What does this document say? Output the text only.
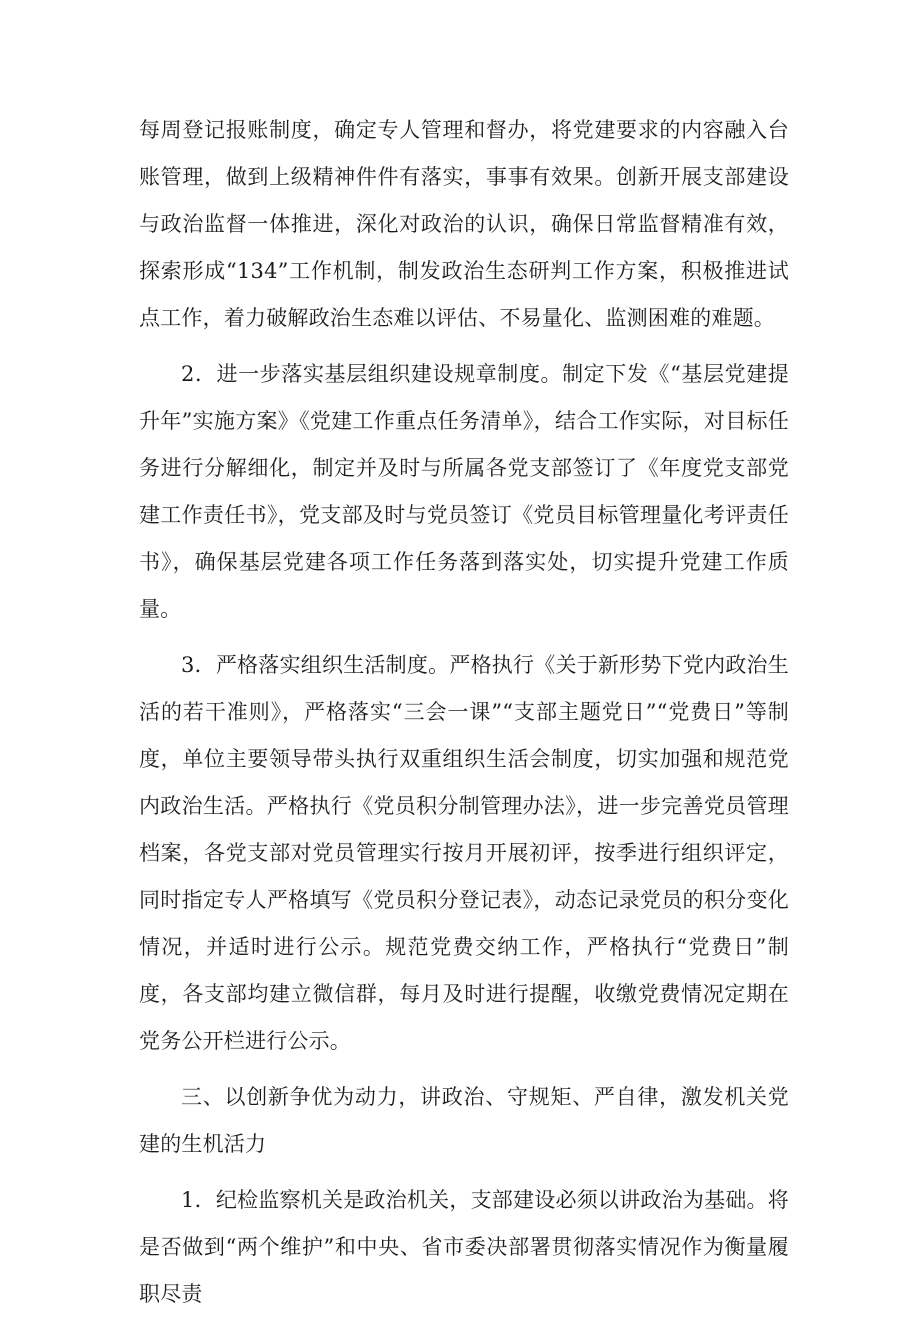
每周登记报账制度，确定专人管理和督办，将党建要求的内容融入台账管理，做到上级精神件件有落实，事事有效果。创新开展支部建设与政治监督一体推进，深化对政治的认识，确保日常监督精准有效，探索形成“134”工作机制，制发政治生态研判工作方案，积极推进试点工作，着力破解政治生态难以评估、不易量化、监测困难的难题。

2．进一步落实基层组织建设规章制度。制定下发《“基层党建提升年”实施方案》《党建工作重点任务清单》，结合工作实际，对目标任务进行分解细化，制定并及时与所属各党支部签订了《年度党支部党建工作责任书》，党支部及时与党员签订《党员目标管理量化考评责任书》，确保基层党建各项工作任务落到落实处，切实提升党建工作质量。

3．严格落实组织生活制度。严格执行《关于新形势下党内政治生活的若干准则》，严格落实“三会一课”“支部主题党日”“党费日”等制度，单位主要领导带头执行双重组织生活会制度，切实加强和规范党内政治生活。严格执行《党员积分制管理办法》，进一步完善党员管理档案，各党支部对党员管理实行按月开展初评，按季进行组织评定，同时指定专人严格填写《党员积分登记表》，动态记录党员的积分变化情况，并适时进行公示。规范党费交纳工作，严格执行“党费日”制度，各支部均建立微信群，每月及时进行提醒，收缴党费情况定期在党务公开栏进行公示。

三、以创新争优为动力，讲政治、守规矩、严自律，激发机关党建的生机活力

1．纪检监察机关是政治机关，支部建设必须以讲政治为基础。将是否做到“两个维护”和中央、省市委决部署贯彻落实情况作为衡量履职尽责
